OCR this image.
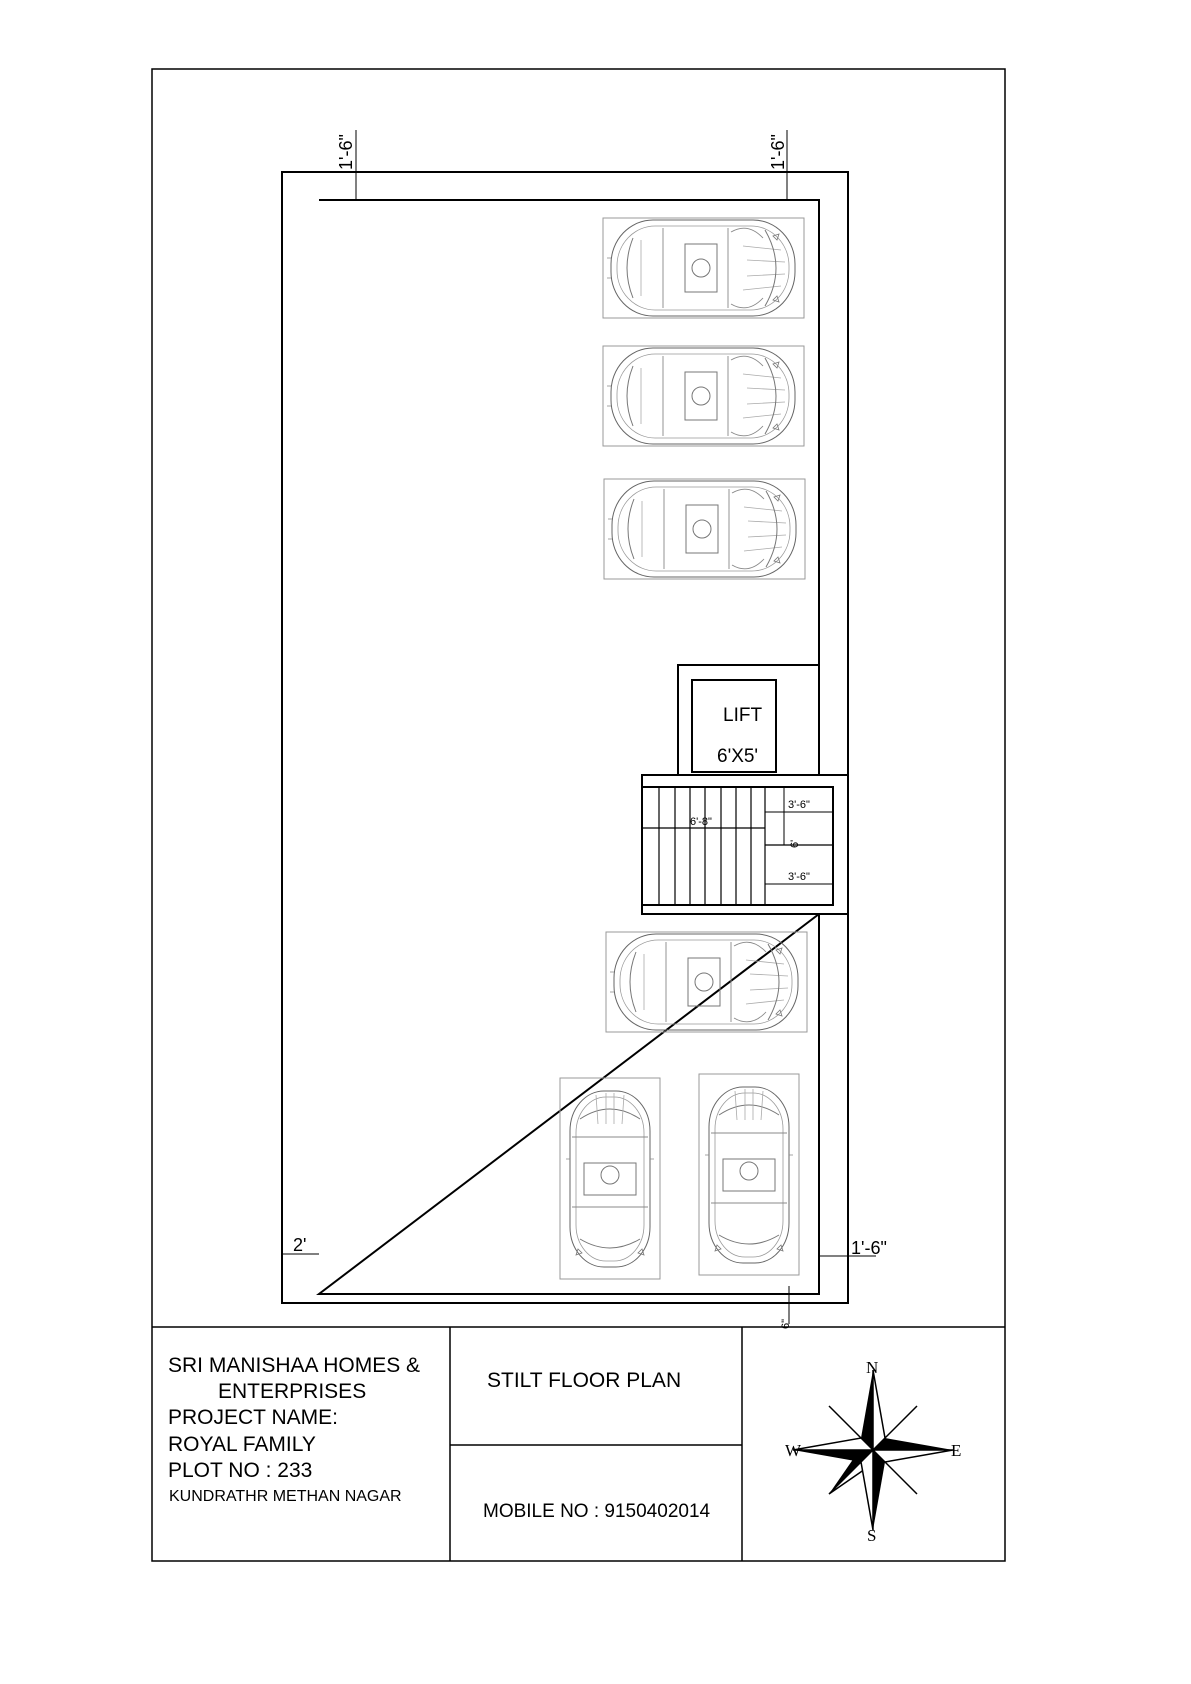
1'-6"	1'-6"
2'	1'-6"
6"
LIFT
6'X5'
6'-8"
3'-6"
6'
3'-6"
SRI MANISHAA HOMES &
ENTERPRISES
PROJECT NAME:
ROYAL FAMILY
PLOT NO : 233
KUNDRATHR METHAN NAGAR
STILT FLOOR PLAN
MOBILE NO : 9150402014
N
E
S
W
